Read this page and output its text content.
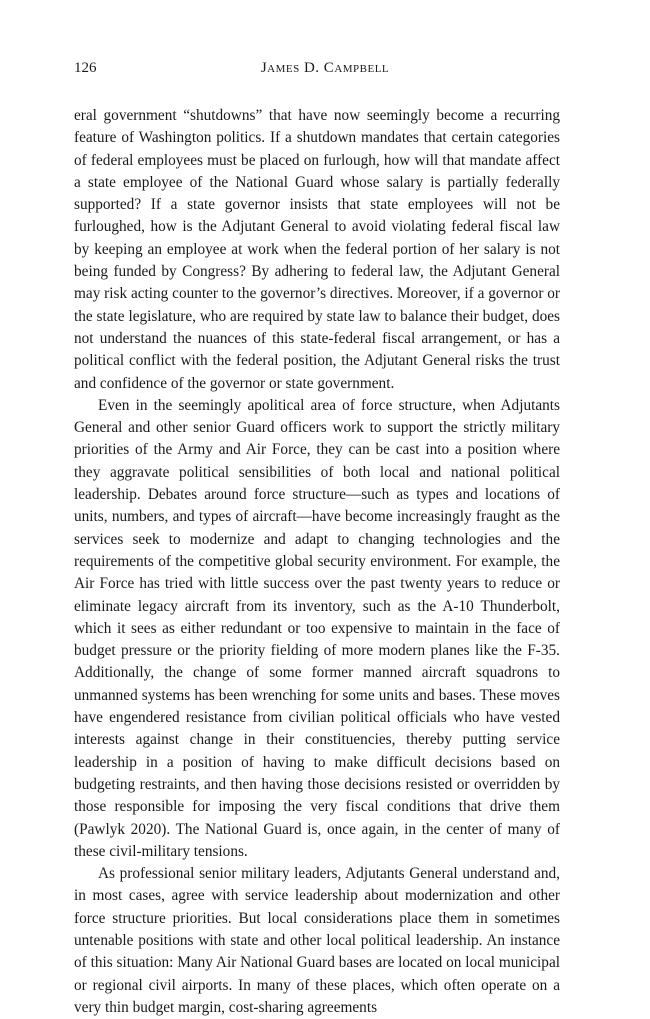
126	James D. Campbell

eral government “shutdowns” that have now seemingly become a recurring feature of Washington politics. If a shutdown mandates that certain categories of federal employees must be placed on furlough, how will that mandate affect a state employee of the National Guard whose salary is partially federally supported? If a state governor insists that state employees will not be furloughed, how is the Adjutant General to avoid violating federal fiscal law by keeping an employee at work when the federal portion of her salary is not being funded by Congress? By adhering to federal law, the Adjutant General may risk acting counter to the governor’s directives. Moreover, if a governor or the state legislature, who are required by state law to balance their budget, does not understand the nuances of this state-federal fiscal arrangement, or has a political conflict with the federal position, the Adjutant General risks the trust and confidence of the governor or state government.

Even in the seemingly apolitical area of force structure, when Adjutants General and other senior Guard officers work to support the strictly military priorities of the Army and Air Force, they can be cast into a position where they aggravate political sensibilities of both local and national political leadership. Debates around force structure—such as types and locations of units, numbers, and types of aircraft—have become increasingly fraught as the services seek to modernize and adapt to changing technologies and the requirements of the competitive global security environment. For example, the Air Force has tried with little success over the past twenty years to reduce or eliminate legacy aircraft from its inventory, such as the A-10 Thunderbolt, which it sees as either redundant or too expensive to maintain in the face of budget pressure or the priority fielding of more modern planes like the F-35. Additionally, the change of some former manned aircraft squadrons to unmanned systems has been wrenching for some units and bases. These moves have engendered resistance from civilian political officials who have vested interests against change in their constituencies, thereby putting service leadership in a position of having to make difficult decisions based on budgeting restraints, and then having those decisions resisted or overridden by those responsible for imposing the very fiscal conditions that drive them (Pawlyk 2020). The National Guard is, once again, in the center of many of these civil-military tensions.

As professional senior military leaders, Adjutants General understand and, in most cases, agree with service leadership about modernization and other force structure priorities. But local considerations place them in sometimes untenable positions with state and other local political leadership. An instance of this situation: Many Air National Guard bases are located on local municipal or regional civil airports. In many of these places, which often operate on a very thin budget margin, cost-sharing agreements
